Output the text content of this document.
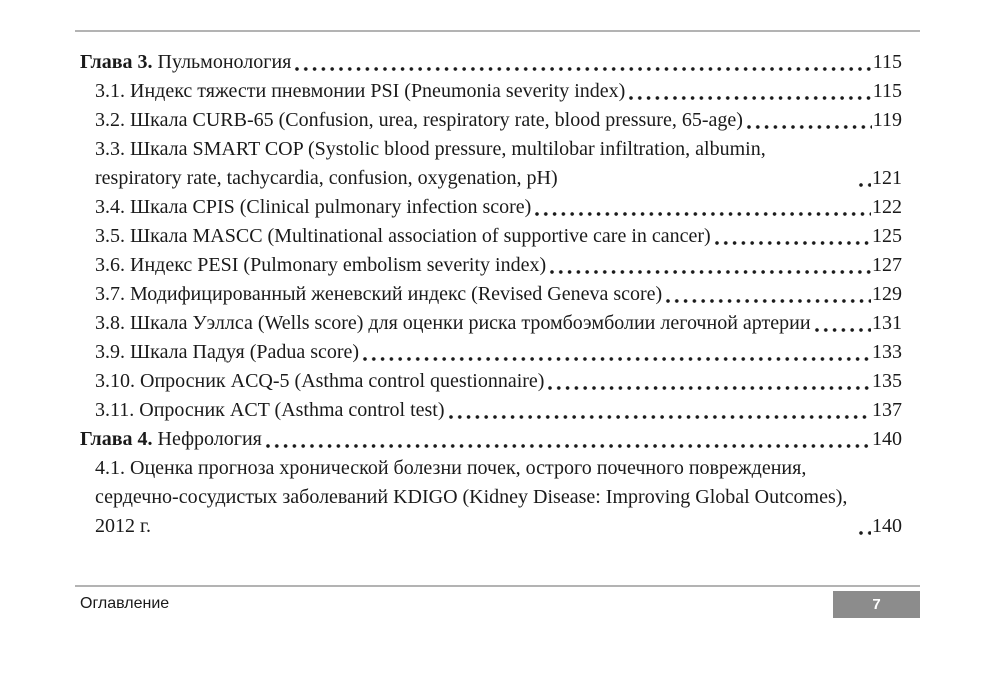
Глава 3. Пульмонология	115
3.1. Индекс тяжести пневмонии PSI (Pneumonia severity index)	115
3.2. Шкала CURB-65 (Confusion, urea, respiratory rate, blood pressure, 65-age)	119
3.3. Шкала SMART COP (Systolic blood pressure, multilobar infiltration, albumin, respiratory rate, tachycardia, confusion, oxygenation, pH)	121
3.4. Шкала CPIS (Clinical pulmonary infection score)	122
3.5. Шкала MASCC (Multinational association of supportive care in cancer)	125
3.6. Индекс PESI (Pulmonary embolism severity index)	127
3.7. Модифицированный женевский индекс (Revised Geneva score)	129
3.8. Шкала Уэллса (Wells score) для оценки риска тромбоэмболии легочной артерии	131
3.9. Шкала Падуя (Padua score)	133
3.10. Опросник ACQ-5 (Asthma control questionnaire)	135
3.11. Опросник ACT (Asthma control test)	137
Глава 4. Нефрология	140
4.1. Оценка прогноза хронической болезни почек, острого почечного повреждения, сердечно-сосудистых заболеваний KDIGO (Kidney Disease: Improving Global Outcomes), 2012 г.	140
Оглавление	7
